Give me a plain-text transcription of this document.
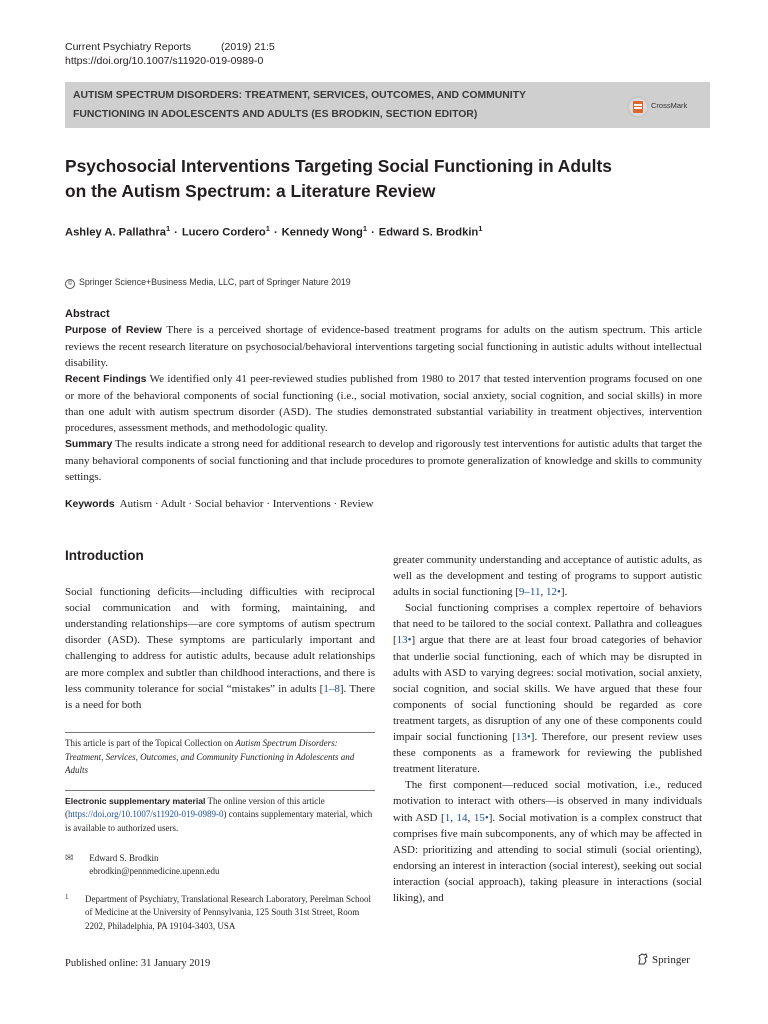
Current Psychiatry Reports	(2019) 21:5
https://doi.org/10.1007/s11920-019-0989-0
AUTISM SPECTRUM DISORDERS: TREATMENT, SERVICES, OUTCOMES, AND COMMUNITY
FUNCTIONING IN ADOLESCENTS AND ADULTS (ES BRODKIN, SECTION EDITOR)
CrossMark
Psychosocial Interventions Targeting Social Functioning in Adults
on the Autism Spectrum: a Literature Review
Ashley A. Pallathra$^1$ · Lucero Cordero$^1$ · Kennedy Wong$^1$ · Edward S. Brodkin$^1$
© Springer Science+Business Media, LLC, part of Springer Nature 2019
Abstract

Purpose of Review There is a perceived shortage of evidence-based treatment programs for adults on the autism spectrum. This article reviews the recent research literature on psychosocial/behavioral interventions targeting social functioning in autistic adults without intellectual disability.

Recent Findings We identified only 41 peer-reviewed studies published from 1980 to 2017 that tested intervention programs focused on one or more of the behavioral components of social functioning (i.e., social motivation, social anxiety, social cognition, and social skills) in more than one adult with autism spectrum disorder (ASD). The studies demonstrated substantial variability in treatment objectives, intervention procedures, assessment methods, and methodologic quality.

Summary The results indicate a strong need for additional research to develop and rigorously test interventions for autistic adults that target the many behavioral components of social functioning and that include procedures to promote generalization of knowledge and skills to community settings.

Keywords Autism · Adult · Social behavior · Interventions · Review
Introduction

Social functioning deficits—including difficulties with reciprocal social communication and with forming, maintaining, and understanding relationships—are core symptoms of autism spectrum disorder (ASD). These symptoms are particularly important and challenging to address for autistic adults, because adult relationships are more complex and subtler than childhood interactions, and there is less community tolerance for social “mistakes” in adults [1–8]. There is a need for both

This article is part of the Topical Collection on Autism Spectrum Disorders: Treatment, Services, Outcomes, and Community Functioning in Adolescents and Adults
Electronic supplementary material The online version of this article (https://doi.org/10.1007/s11920-019-0989-0) contains supplementary material, which is available to authorized users.
✉ Edward S. Brodkin
ebrodkin@pennmedicine.upenn.edu
1 Department of Psychiatry, Translational Research Laboratory, Perelman School of Medicine at the University of Pennsylvania, 125 South 31st Street, Room 2202, Philadelphia, PA 19104-3403, USA

greater community understanding and acceptance of autistic adults, as well as the development and testing of programs to support autistic adults in social functioning [9–11, 12•].

Social functioning comprises a complex repertoire of behaviors that need to be tailored to the social context. Pallathra and colleagues [13•] argue that there are at least four broad categories of behavior that underlie social functioning, each of which may be disrupted in adults with ASD to varying degrees: social motivation, social anxiety, social cognition, and social skills. We have argued that these four components of social functioning should be regarded as core treatment targets, as disruption of any one of these components could impair social functioning [13•]. Therefore, our present review uses these components as a framework for reviewing the published treatment literature.

The first component—reduced social motivation, i.e., reduced motivation to interact with others—is observed in many individuals with ASD [1, 14, 15•]. Social motivation is a complex construct that comprises five main subcomponents, any of which may be affected in ASD: prioritizing and attending to social stimuli (social orienting), endorsing an interest in interaction (social interest), seeking out social interaction (social approach), taking pleasure in interactions (social liking), and

Published online: 31 January 2019	Springer
